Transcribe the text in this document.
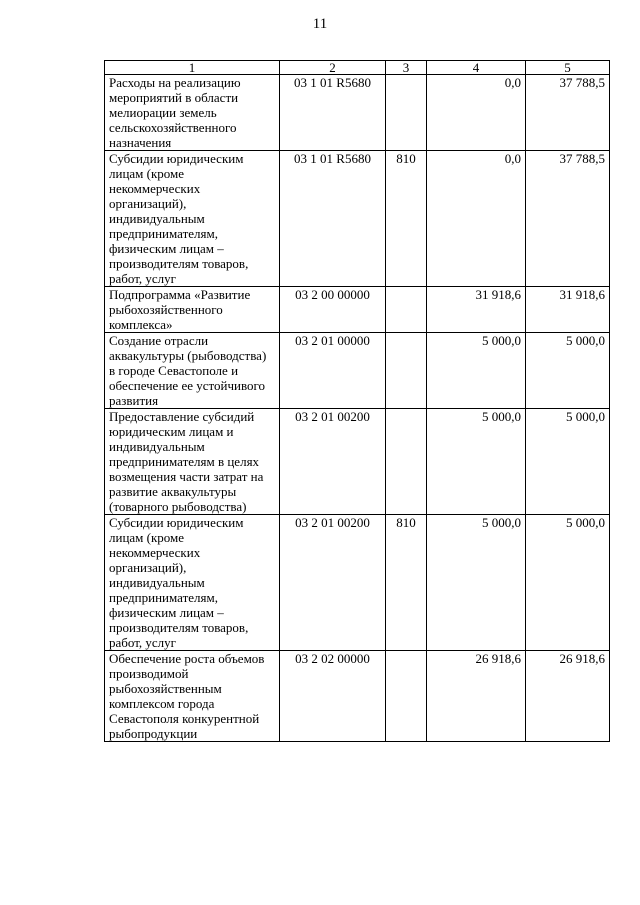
11
1	2	3	4	5
Расходы на реализацию мероприятий в области мелиорации земель сельскохозяйственного назначения	03 1 01 R5680		0,0	37 788,5
Субсидии юридическим лицам (кроме некоммерческих организаций), индивидуальным предпринимателям, физическим лицам – производителям товаров, работ, услуг	03 1 01 R5680	810	0,0	37 788,5
Подпрограмма «Развитие рыбохозяйственного комплекса»	03 2 00 00000		31 918,6	31 918,6
Создание отрасли аквакультуры (рыбоводства) в городе Севастополе и обеспечение ее устойчивого развития	03 2 01 00000		5 000,0	5 000,0
Предоставление субсидий юридическим лицам и индивидуальным предпринимателям в целях возмещения части затрат на развитие аквакультуры (товарного рыбоводства)	03 2 01 00200		5 000,0	5 000,0
Субсидии юридическим лицам (кроме некоммерческих организаций), индивидуальным предпринимателям, физическим лицам – производителям товаров, работ, услуг	03 2 01 00200	810	5 000,0	5 000,0
Обеспечение роста объемов производимой рыбохозяйственным комплексом города Севастополя конкурентной рыбопродукции	03 2 02 00000		26 918,6	26 918,6
